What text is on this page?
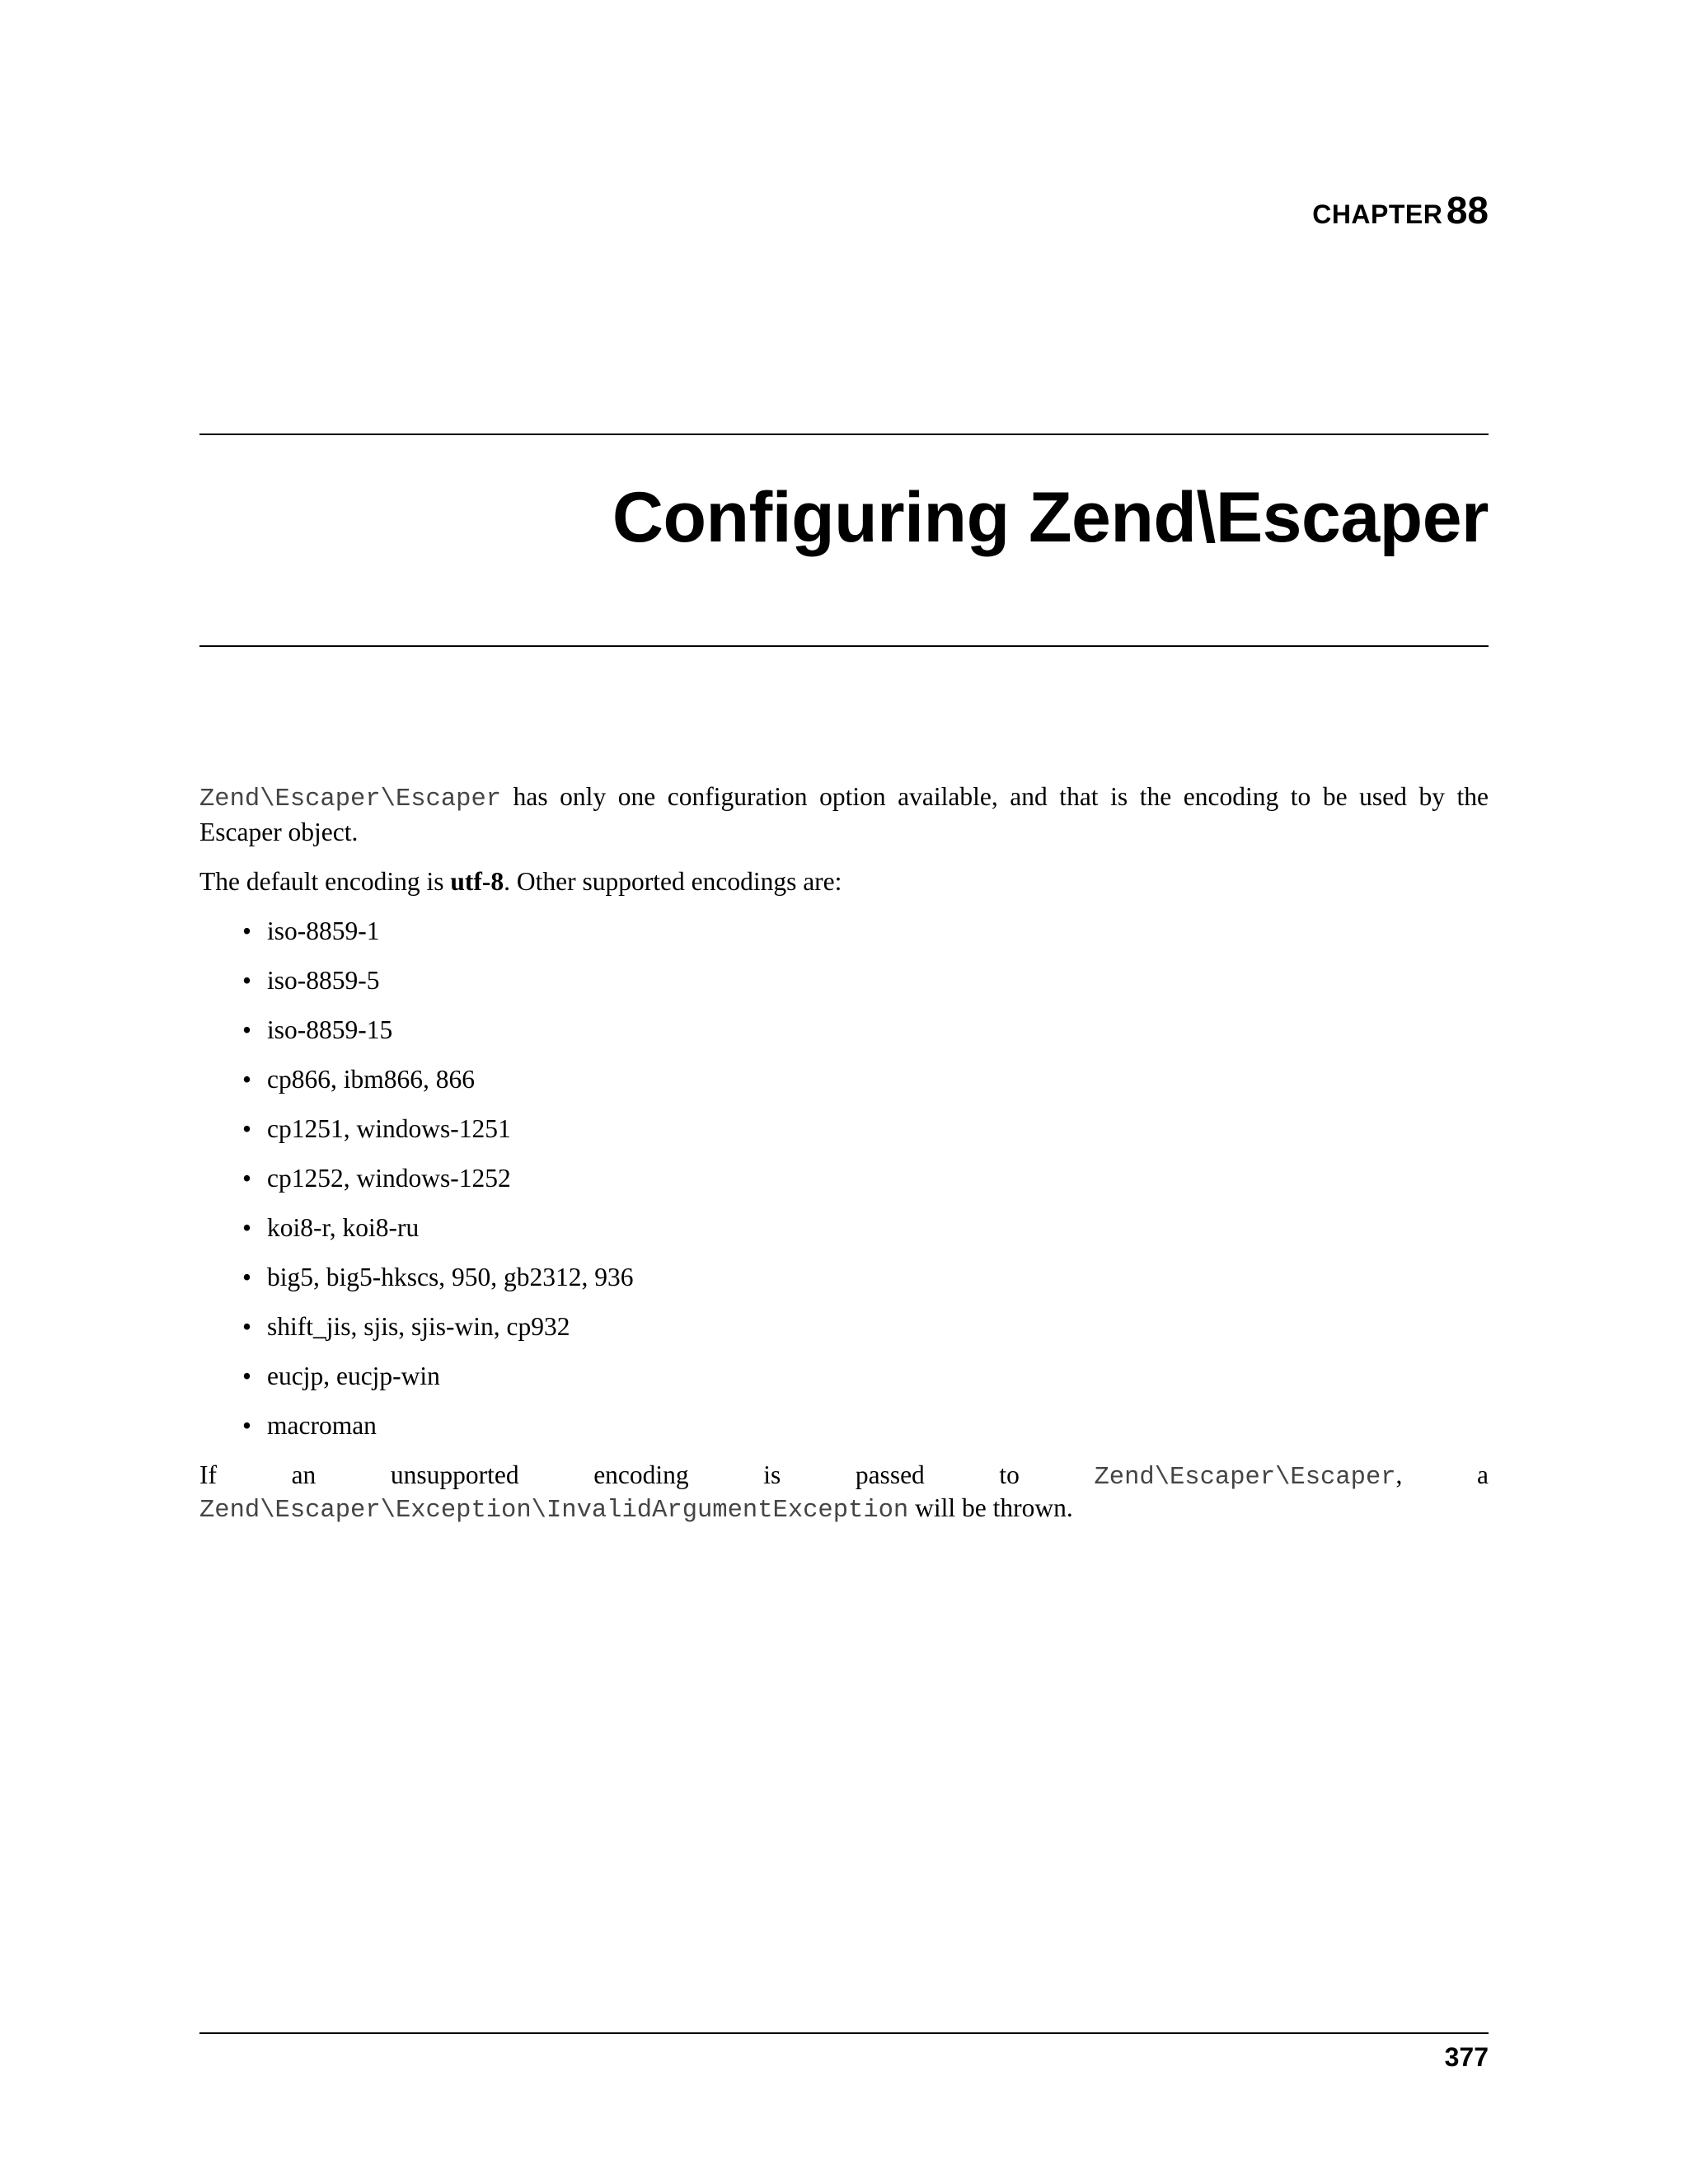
CHAPTER 88
Configuring Zend\Escaper

Zend\Escaper\Escaper has only one configuration option available, and that is the encoding to be used by the Escaper object.

The default encoding is utf-8. Other supported encodings are:

• iso-8859-1
• iso-8859-5
• iso-8859-15
• cp866, ibm866, 866
• cp1251, windows-1251
• cp1252, windows-1252
• koi8-r, koi8-ru
• big5, big5-hkscs, 950, gb2312, 936
• shift_jis, sjis, sjis-win, cp932
• eucjp, eucjp-win
• macroman
If	an	unsupported	encoding	is	passed	to	Zend\Escaper\Escaper,	a
Zend\Escaper\Exception\InvalidArgumentException will be thrown.
377
